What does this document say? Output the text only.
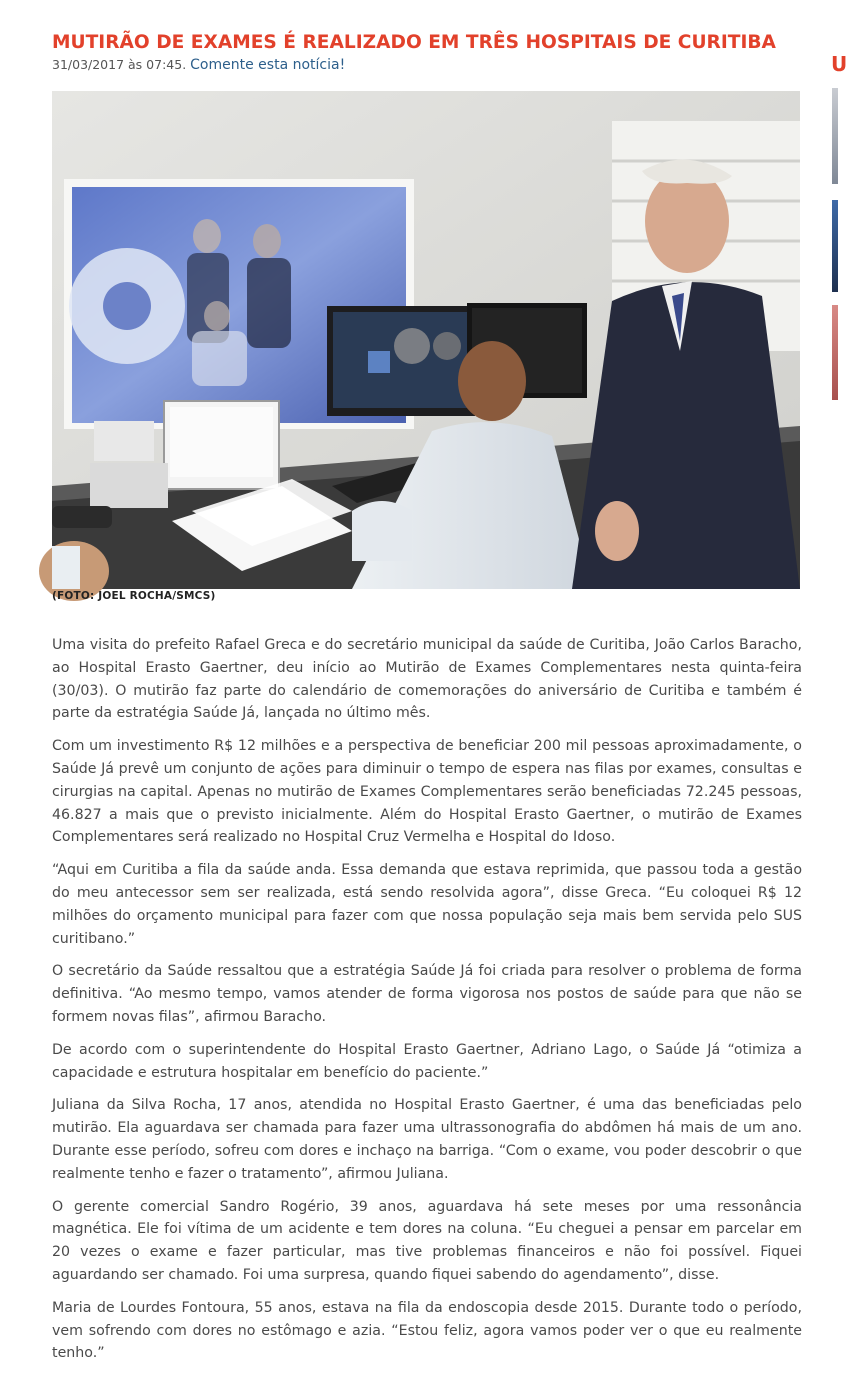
MUTIRÃO DE EXAMES É REALIZADO EM TRÊS HOSPITAIS DE CURITIBA
31/03/2017 às 07:45. Comente esta notícia!
(FOTO: JOEL ROCHA/SMCS)

Uma visita do prefeito Rafael Greca e do secretário municipal da saúde de Curitiba, João Carlos Baracho, ao Hospital Erasto Gaertner, deu início ao Mutirão de Exames Complementares nesta quinta-feira (30/03). O mutirão faz parte do calendário de comemorações do aniversário de Curitiba e também é parte da estratégia Saúde Já, lançada no último mês.

Com um investimento R$ 12 milhões e a perspectiva de beneficiar 200 mil pessoas aproximadamente, o Saúde Já prevê um conjunto de ações para diminuir o tempo de espera nas filas por exames, consultas e cirurgias na capital. Apenas no mutirão de Exames Complementares serão beneficiadas 72.245 pessoas, 46.827 a mais que o previsto inicialmente. Além do Hospital Erasto Gaertner, o mutirão de Exames Complementares será realizado no Hospital Cruz Vermelha e Hospital do Idoso.

“Aqui em Curitiba a fila da saúde anda. Essa demanda que estava reprimida, que passou toda a gestão do meu antecessor sem ser realizada, está sendo resolvida agora”, disse Greca. “Eu coloquei R$ 12 milhões do orçamento municipal para fazer com que nossa população seja mais bem servida pelo SUS curitibano.”

O secretário da Saúde ressaltou que a estratégia Saúde Já foi criada para resolver o problema de forma definitiva. “Ao mesmo tempo, vamos atender de forma vigorosa nos postos de saúde para que não se formem novas filas”, afirmou Baracho.

De acordo com o superintendente do Hospital Erasto Gaertner, Adriano Lago, o Saúde Já “otimiza a capacidade e estrutura hospitalar em benefício do paciente.”

Juliana da Silva Rocha, 17 anos, atendida no Hospital Erasto Gaertner, é uma das beneficiadas pelo mutirão. Ela aguardava ser chamada para fazer uma ultrassonografia do abdômen há mais de um ano. Durante esse período, sofreu com dores e inchaço na barriga. “Com o exame, vou poder descobrir o que realmente tenho e fazer o tratamento”, afirmou Juliana.

O gerente comercial Sandro Rogério, 39 anos, aguardava há sete meses por uma ressonância magnética. Ele foi vítima de um acidente e tem dores na coluna. “Eu cheguei a pensar em parcelar em 20 vezes o exame e fazer particular, mas tive problemas financeiros e não foi possível. Fiquei aguardando ser chamado. Foi uma surpresa, quando fiquei sabendo do agendamento”, disse.

Maria de Lourdes Fontoura, 55 anos, estava na fila da endoscopia desde 2015. Durante todo o período, vem sofrendo com dores no estômago e azia. “Estou feliz, agora vamos poder ver o que eu realmente tenho.”

U
